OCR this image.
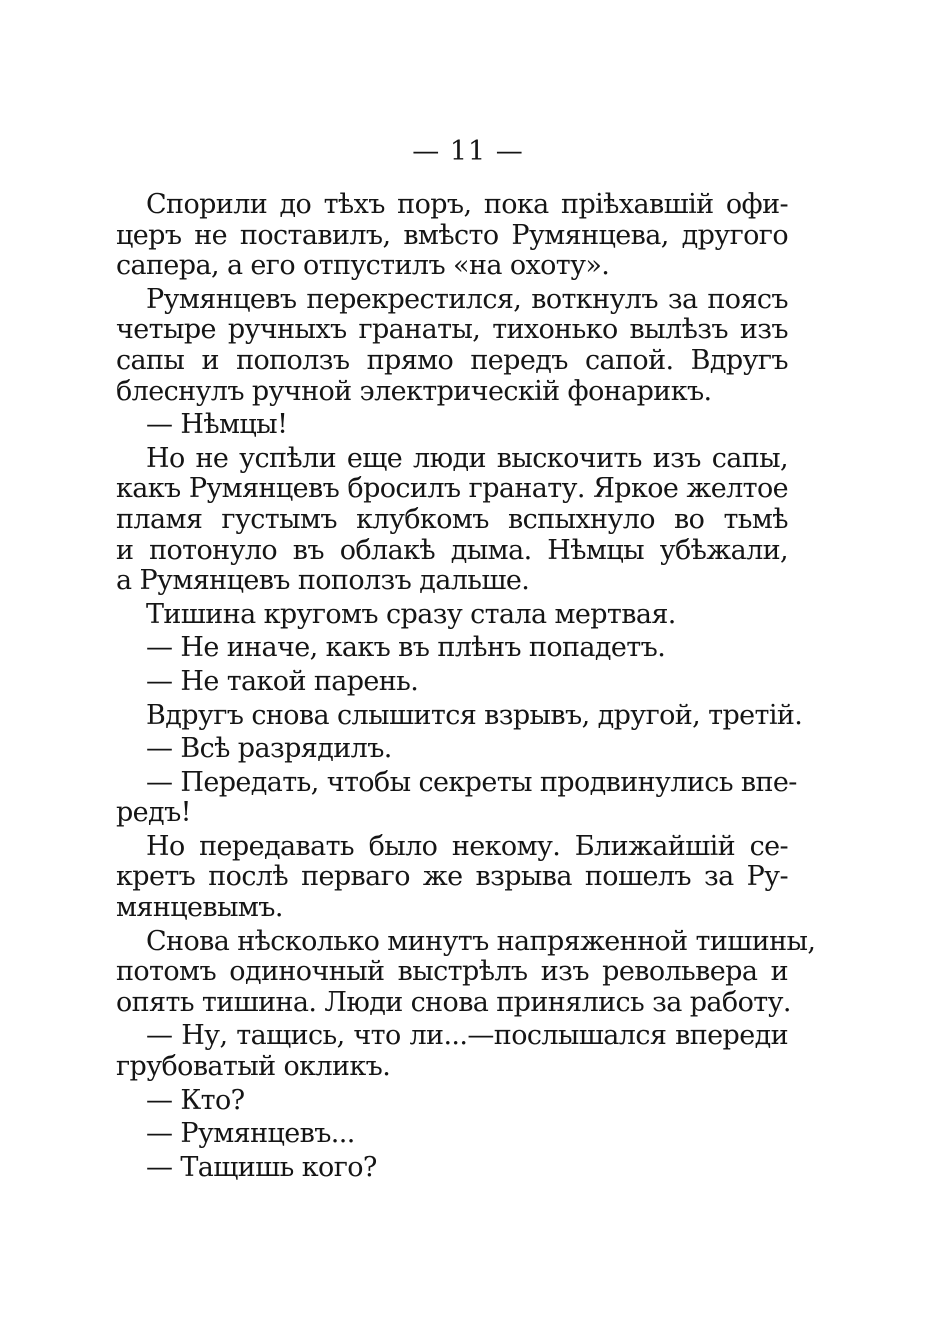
— 11 —

Спорили до тѣхъ поръ, пока пріѣхавшій офи-
церъ не поставилъ, вмѣсто Румянцева, другого
сапера, а его отпустилъ «на охоту».

Румянцевъ перекрестился, воткнулъ за поясъ
четыре ручныхъ гранаты, тихонько вылѣзъ изъ
сапы и поползъ прямо передъ сапой. Вдругъ
блеснулъ ручной электрическій фонарикъ.

— Нѣмцы!

Но не успѣли еще люди выскочить изъ сапы,
какъ Румянцевъ бросилъ гранату. Яркое желтое
пламя густымъ клубкомъ вспыхнуло во тьмѣ
и потонуло въ облакѣ дыма. Нѣмцы убѣжали,
а Румянцевъ поползъ дальше.

Тишина кругомъ сразу стала мертвая.

— Не иначе, какъ въ плѣнъ попадетъ.

— Не такой парень.

Вдругъ снова слышится взрывъ, другой, третій.

— Всѣ разрядилъ.

— Передать, чтобы секреты продвинулись впе-
редъ!

Но передавать было некому. Ближайшій се-
кретъ послѣ перваго же взрыва пошелъ за Ру-
мянцевымъ.

Снова нѣсколько минутъ напряженной тишины,
потомъ одиночный выстрѣлъ изъ револьвера и
опять тишина. Люди снова принялись за работу.

— Ну, тащись, что ли...—послышался впереди
грубоватый окликъ.

— Кто?

— Румянцевъ...

— Тащишь кого?
